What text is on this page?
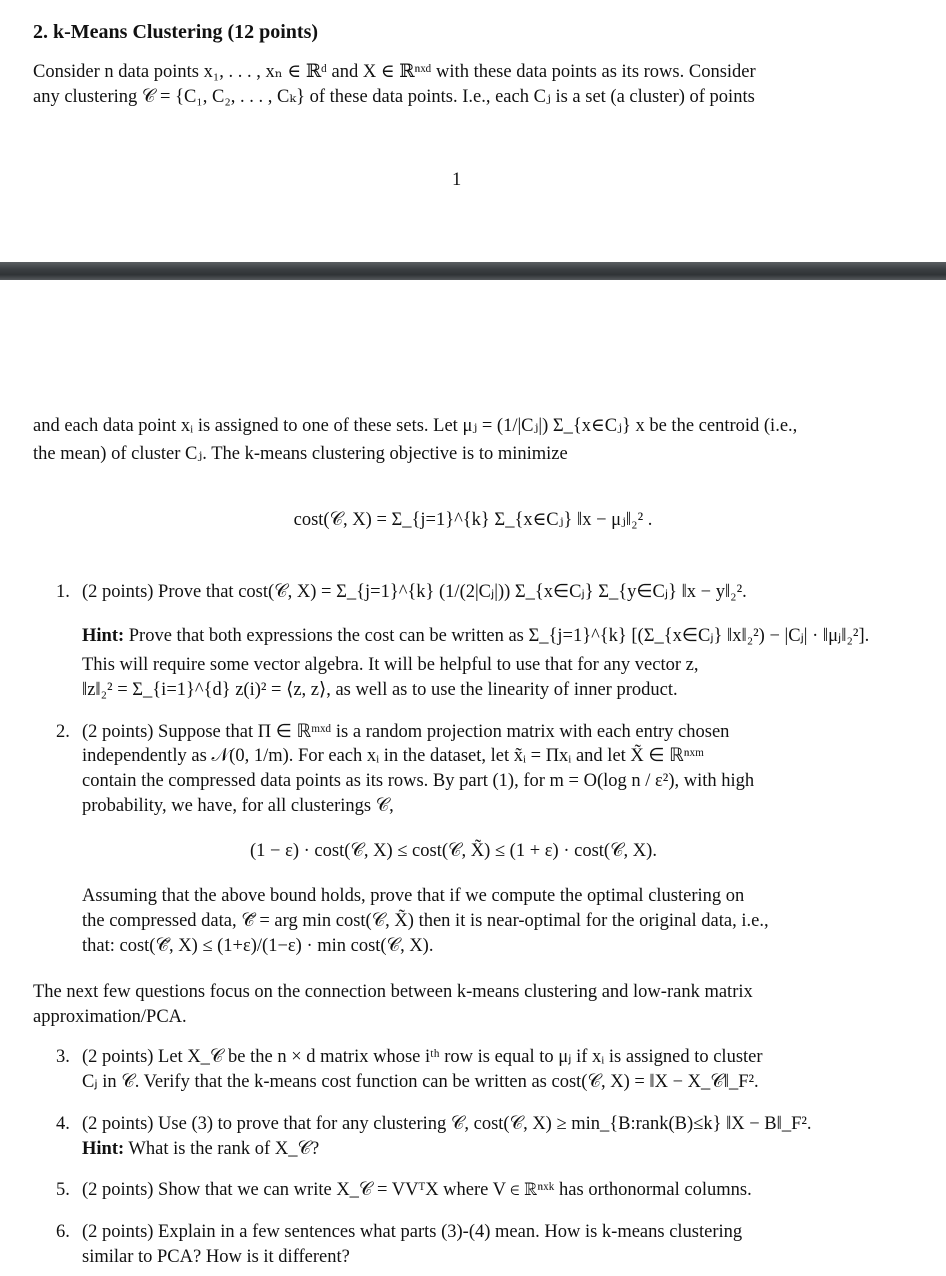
2. k-Means Clustering (12 points)
Consider n data points x₁, . . . , xₙ ∈ ℝᵈ and X ∈ ℝⁿˣᵈ with these data points as its rows. Consider
any clustering 𝒞 = {C₁, C₂, . . . , Cₖ} of these data points. I.e., each Cⱼ is a set (a cluster) of points
1
and each data point xᵢ is assigned to one of these sets. Let μⱼ = (1/|Cⱼ|) Σ_{x∈Cⱼ} x be the centroid (i.e.,
the mean) of cluster Cⱼ. The k-means clustering objective is to minimize
cost(𝒞, X) = Σ_{j=1}^{k} Σ_{x∈Cⱼ} ‖x − μⱼ‖₂² .
1. (2 points) Prove that cost(𝒞, X) = Σ_{j=1}^{k} (1/(2|Cⱼ|)) Σ_{x∈Cⱼ} Σ_{y∈Cⱼ} ‖x − y‖₂².
Hint: Prove that both expressions the cost can be written as Σ_{j=1}^{k} [(Σ_{x∈Cⱼ} ‖x‖₂²) − |Cⱼ| · ‖μⱼ‖₂²].
This will require some vector algebra. It will be helpful to use that for any vector z,
‖z‖₂² = Σ_{i=1}^{d} z(i)² = ⟨z, z⟩, as well as to use the linearity of inner product.
2. (2 points) Suppose that Π ∈ ℝᵐˣᵈ is a random projection matrix with each entry chosen
independently as 𝒩(0, 1/m). For each xᵢ in the dataset, let x̃ᵢ = Πxᵢ and let X̃ ∈ ℝⁿˣᵐ
contain the compressed data points as its rows. By part (1), for m = O(log n / ε²), with high
probability, we have, for all clusterings 𝒞,
(1 − ε) · cost(𝒞, X) ≤ cost(𝒞, X̃) ≤ (1 + ε) · cost(𝒞, X).
Assuming that the above bound holds, prove that if we compute the optimal clustering on
the compressed data, 𝒞̃ = arg min cost(𝒞, X̃) then it is near-optimal for the original data, i.e.,
that: cost(𝒞̃, X) ≤ (1+ε)/(1−ε) · min cost(𝒞, X).
The next few questions focus on the connection between k-means clustering and low-rank matrix
approximation/PCA.
3. (2 points) Let X_𝒞 be the n × d matrix whose iᵗʰ row is equal to μⱼ if xᵢ is assigned to cluster
Cⱼ in 𝒞. Verify that the k-means cost function can be written as cost(𝒞, X) = ‖X − X_𝒞‖_F².
4. (2 points) Use (3) to prove that for any clustering 𝒞, cost(𝒞, X) ≥ min_{B:rank(B)≤k} ‖X − B‖_F².
Hint: What is the rank of X_𝒞?
5. (2 points) Show that we can write X_𝒞 = VVᵀX where V ∈ ℝⁿˣᵏ has orthonormal columns.
6. (2 points) Explain in a few sentences what parts (3)-(4) mean. How is k-means clustering
similar to PCA? How is it different?
